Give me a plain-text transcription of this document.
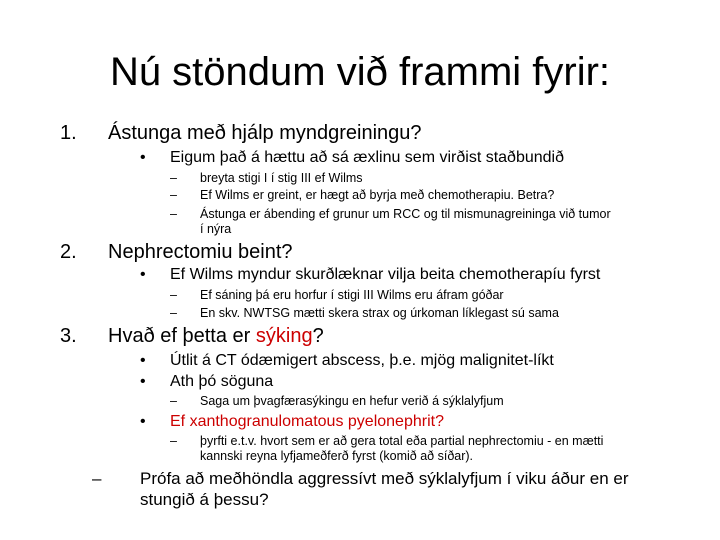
Nú stöndum við frammi fyrir:
1. Ástunga með hjálp myndgreiningu?
• Eigum það á hættu að sá æxlinu sem virðist staðbundið
– breyta stigi I í stig III ef Wilms
– Ef Wilms er greint, er hægt að byrja með chemotherapiu. Betra?
– Ástunga er ábending ef grunur um RCC og til mismunagreininga við tumor
í nýra
2. Nephrectomiu beint?
• Ef Wilms myndur skurðlæknar vilja beita chemotherapíu fyrst
– Ef sáning þá eru horfur í stigi III Wilms eru áfram góðar
– En skv. NWTSG mætti skera strax og úrkoman líklegast sú sama
3. Hvað ef þetta er sýking?
• Útlit á CT ódæmigert abscess, þ.e. mjög malignitet-líkt
• Ath þó söguna
– Saga um þvagfærasýkingu en hefur verið á sýklalyfjum
• Ef xanthogranulomatous pyelonephrit?
– þyrfti e.t.v. hvort sem er að gera total eða partial nephrectomiu - en mætti
kannski reyna lyfjameðferð fyrst (komið að síðar).
– Prófa að meðhöndla aggressívt með sýklalyfjum í viku áður en er
stungið á þessu?
